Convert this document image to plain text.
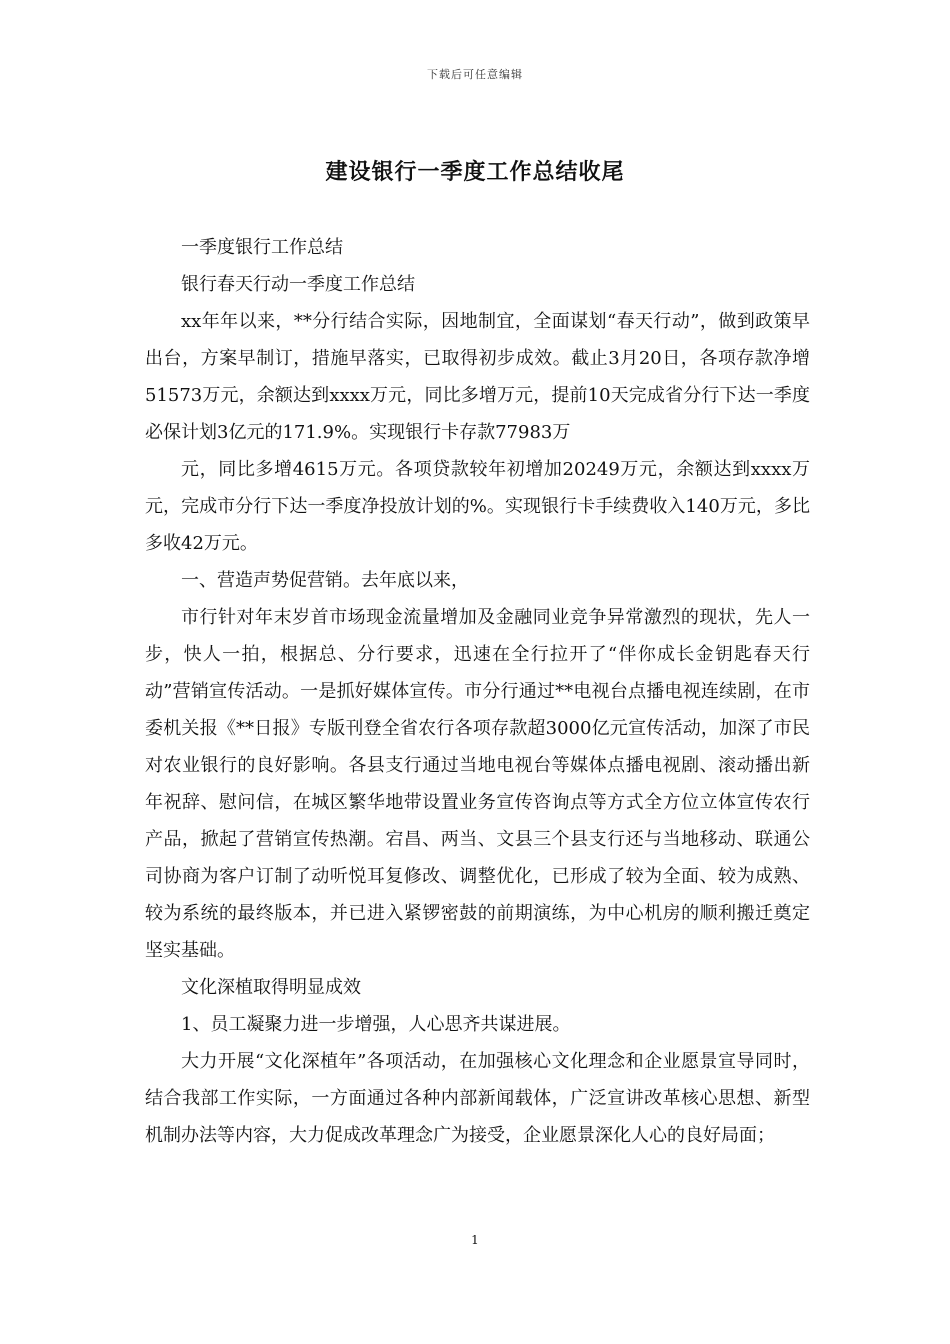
下载后可任意编辑
建设银行一季度工作总结收尾

一季度银行工作总结

银行春天行动一季度工作总结

xx年年以来，**分行结合实际，因地制宜，全面谋划“春天行动”，做到政策早出台，方案早制订，措施早落实，已取得初步成效。截止3月20日，各项存款净增51573万元，余额达到xxxx万元，同比多增万元，提前10天完成省分行下达一季度必保计划3亿元的171.9%。实现银行卡存款77983万

元，同比多增4615万元。各项贷款较年初增加20249万元，余额达到xxxx万元，完成市分行下达一季度净投放计划的%。实现银行卡手续费收入140万元，多比多收42万元。

一、营造声势促营销。去年底以来，

市行针对年末岁首市场现金流量增加及金融同业竞争异常激烈的现状，先人一步，快人一拍，根据总、分行要求，迅速在全行拉开了“伴你成长金钥匙春天行动”营销宣传活动。一是抓好媒体宣传。市分行通过**电视台点播电视连续剧，在市委机关报《**日报》专版刊登全省农行各项存款超3000亿元宣传活动，加深了市民对农业银行的良好影响。各县支行通过当地电视台等媒体点播电视剧、滚动播出新年祝辞、慰问信，在城区繁华地带设置业务宣传咨询点等方式全方位立体宣传农行产品，掀起了营销宣传热潮。宕昌、两当、文县三个县支行还与当地移动、联通公司协商为客户订制了动听悦耳复修改、调整优化，已形成了较为全面、较为成熟、较为系统的最终版本，并已进入紧锣密鼓的前期演练，为中心机房的顺利搬迁奠定坚实基础。

文化深植取得明显成效

1、员工凝聚力进一步增强，人心思齐共谋进展。

大力开展“文化深植年”各项活动，在加强核心文化理念和企业愿景宣导同时，结合我部工作实际，一方面通过各种内部新闻载体，广泛宣讲改革核心思想、新型机制办法等内容，大力促成改革理念广为接受，企业愿景深化人心的良好局面；

1
